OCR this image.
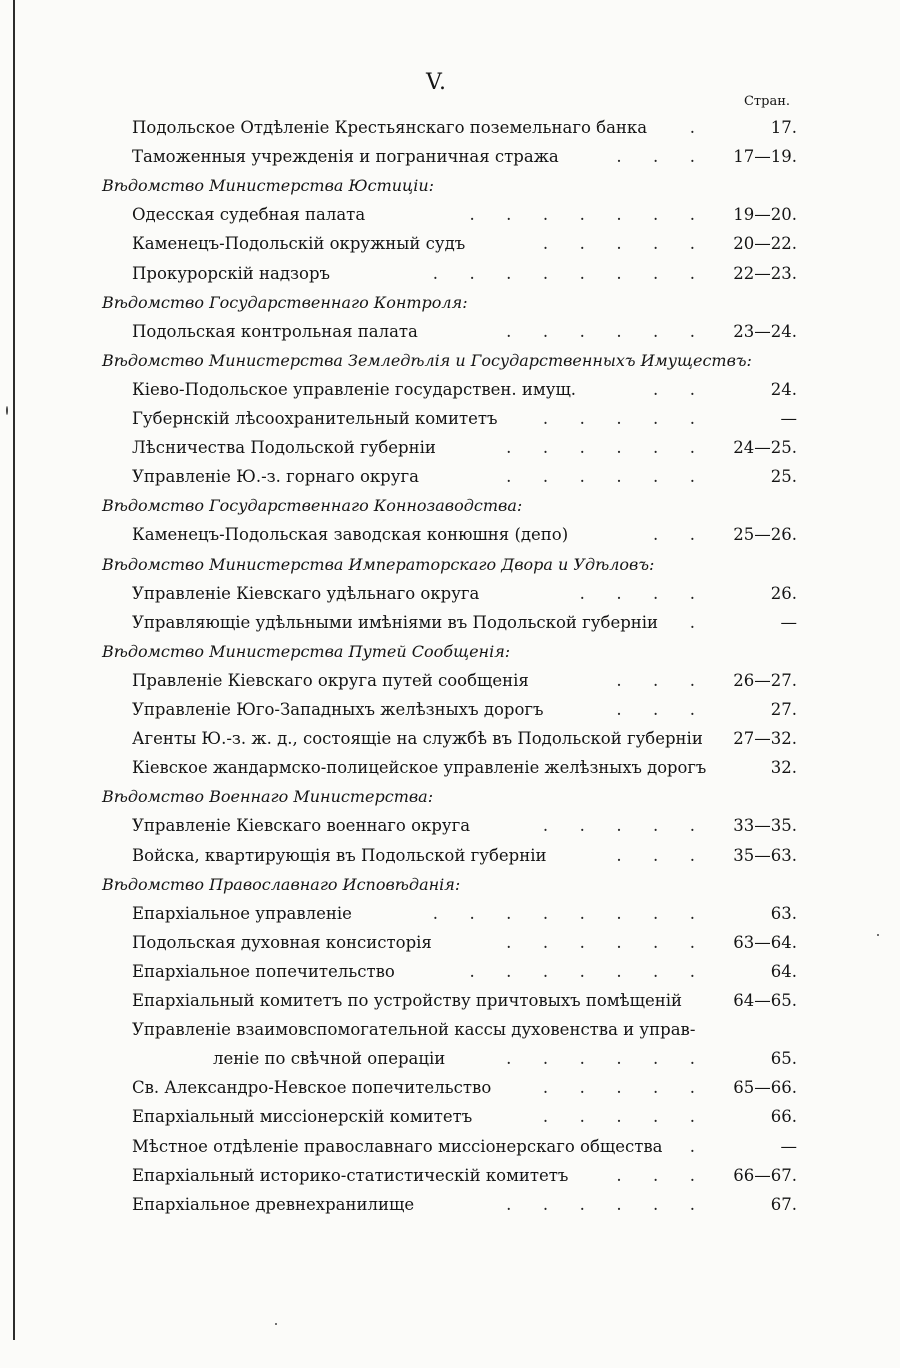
V.
Стран.
Подольское Отдѣленіе Крестьянскаго поземельнаго банка	.	17.
Таможенныя учрежденія и пограничная стража	.      .      .	17—19.
Вѣдомство Министерства Юстиціи:
Одесская судебная палата	.      .      .      .      .      .      .	19—20.
Каменецъ-Подольскій окружный судъ	.      .      .      .      .	20—22.
Прокурорскій надзоръ	.      .      .      .      .      .      .      .	22—23.
Вѣдомство Государственнаго Контроля:
Подольская контрольная палата	.      .      .      .      .      .	23—24.
Вѣдомство Министерства Земледѣлія и Государственныхъ Имуществъ:
Кіево-Подольское управленіе государствен. имущ.	.      .	24.
Губернскій лѣсоохранительный комитетъ	.      .      .      .      .	—
Лѣсничества Подольской губерніи	.      .      .      .      .      .	24—25.
Управленіе Ю.-з. горнаго округа	.      .      .      .      .      .	25.
Вѣдомство Государственнаго Коннозаводства:
Каменецъ-Подольская заводская конюшня (депо)	.      .	25—26.
Вѣдомство Министерства Императорскаго Двора и Удѣловъ:
Управленіе Кіевскаго удѣльнаго округа	.      .      .      .	26.
Управляющіе удѣльными имѣніями въ Подольской губерніи .	—
Вѣдомство Министерства Путей Сообщенія:
Правленіе Кіевскаго округа путей сообщенія	.      .      .	26—27.
Управленіе Юго-Западныхъ желѣзныхъ дорогъ	.      .      .	27.
Агенты Ю.-з. ж. д., состоящіе на службѣ въ Подольской губерніи	27—32.
Кіевское жандармско-полицейское управленіе желѣзныхъ дорогъ	32.
Вѣдомство Военнаго Министерства:
Управленіе Кіевскаго военнаго округа	.      .      .      .      .	33—35.
Войска, квартирующія въ Подольской губерніи	.      .      .	35—63.
Вѣдомство Православнаго Исповѣданія:
Епархіальное управленіе	.      .      .      .      .      .      .      .	63.
Подольская духовная консисторія	.      .      .      .      .      .	63—64.
Епархіальное попечительство	.      .      .      .      .      .      .	64.
Епархіальный комитетъ по устройству причтовыхъ помѣщеній	64—65.
Управленіе взаимовспомогательной кассы духовенства и управ-
леніе по свѣчной операціи	.      .      .      .      .      .	65.
Св. Александро-Невское попечительство	.      .      .      .      .	65—66.
Епархіальный миссіонерскій комитетъ	.      .      .      .      .	66.
Мѣстное отдѣленіе православнаго миссіонерскаго общества .	—
Епархіальный историко-статистическій комитетъ	.      .      .	66—67.
Епархіальное древнехранилище	.      .      .      .      .      .	67.
